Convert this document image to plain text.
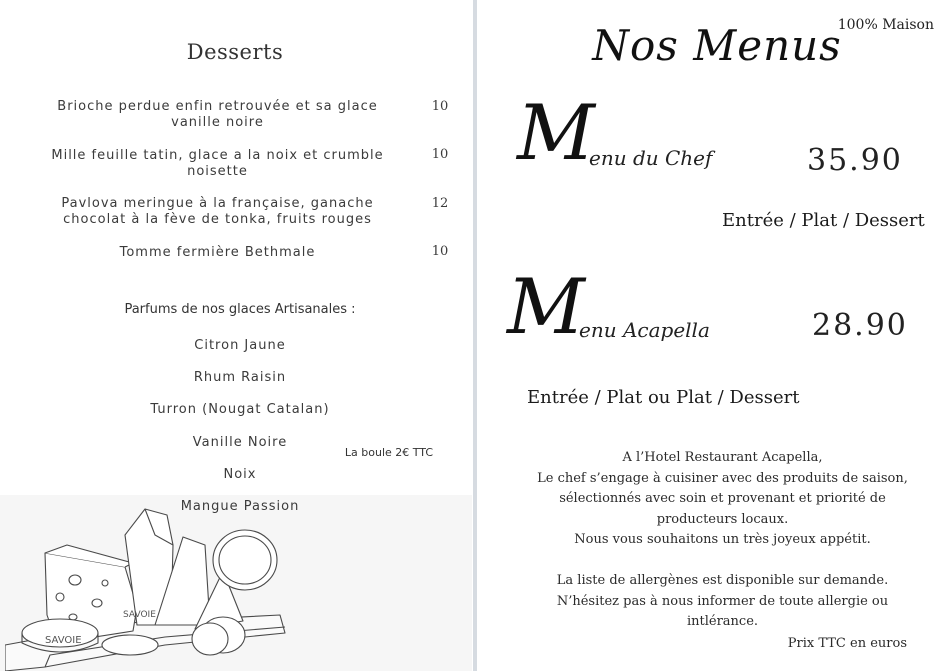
Desserts
Brioche perdue enfin retrouvée et sa glace
vanille noire
10
Mille feuille tatin, glace a la noix et crumble
noisette
10
Pavlova meringue à la française, ganache
chocolat à la fève de tonka, fruits rouges
12
Tomme fermière Bethmale	10
Parfums de nos glaces Artisanales :
Citron Jaune
Rhum Raisin
Turron (Nougat Catalan)
Vanille Noire
Noix
Mangue Passion
La boule 2€ TTC
SAVOIE
SAVOIE
Nos Menus
100% Maison
M
enu du Chef	35.90
Entrée / Plat / Dessert
M
enu Acapella	28.90
Entrée / Plat ou Plat / Dessert
A l’Hotel Restaurant Acapella,
Le chef s’engage à cuisiner avec des produits de saison,
sélectionnés avec soin et provenant et priorité de
producteurs locaux.
Nous vous souhaitons un très joyeux appétit.
La liste de allergènes est disponible sur demande.
N’hésitez pas à nous informer de toute allergie ou
intlérance.
Prix TTC en euros
